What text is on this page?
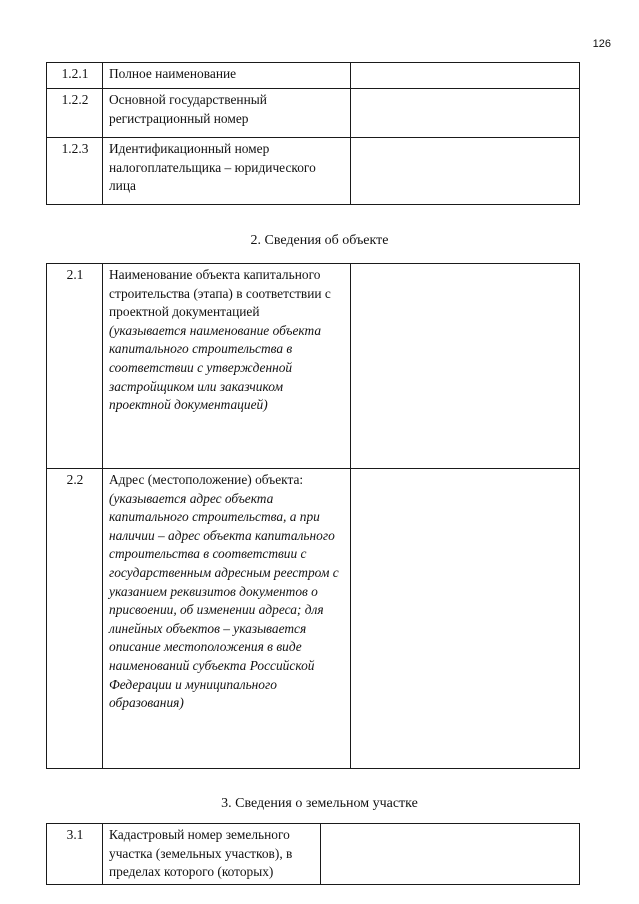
126
1.2.1	Полное наименование	
1.2.2	Основной государственный регистрационный номер	
1.2.3	Идентификационный номер налогоплательщика – юридического лица	
2. Сведения об объекте
2.1	Наименование объекта капитального строительства (этапа) в соответствии с проектной документацией
(указывается наименование объекта капитального строительства в соответствии с утвержденной застройщиком или заказчиком проектной документацией)	

2.2	Адрес (местоположение) объекта:
(указывается адрес объекта капитального строительства, а при наличии – адрес объекта капитального строительства в соответствии с государственным адресным реестром с указанием реквизитов документов о присвоении, об изменении адреса; для линейных объектов – указывается описание местоположения в виде наименований субъекта Российской Федерации и муниципального образования)	

3. Сведения о земельном участке
3.1	Кадастровый номер земельного участка (земельных участков), в пределах которого (которых)	
